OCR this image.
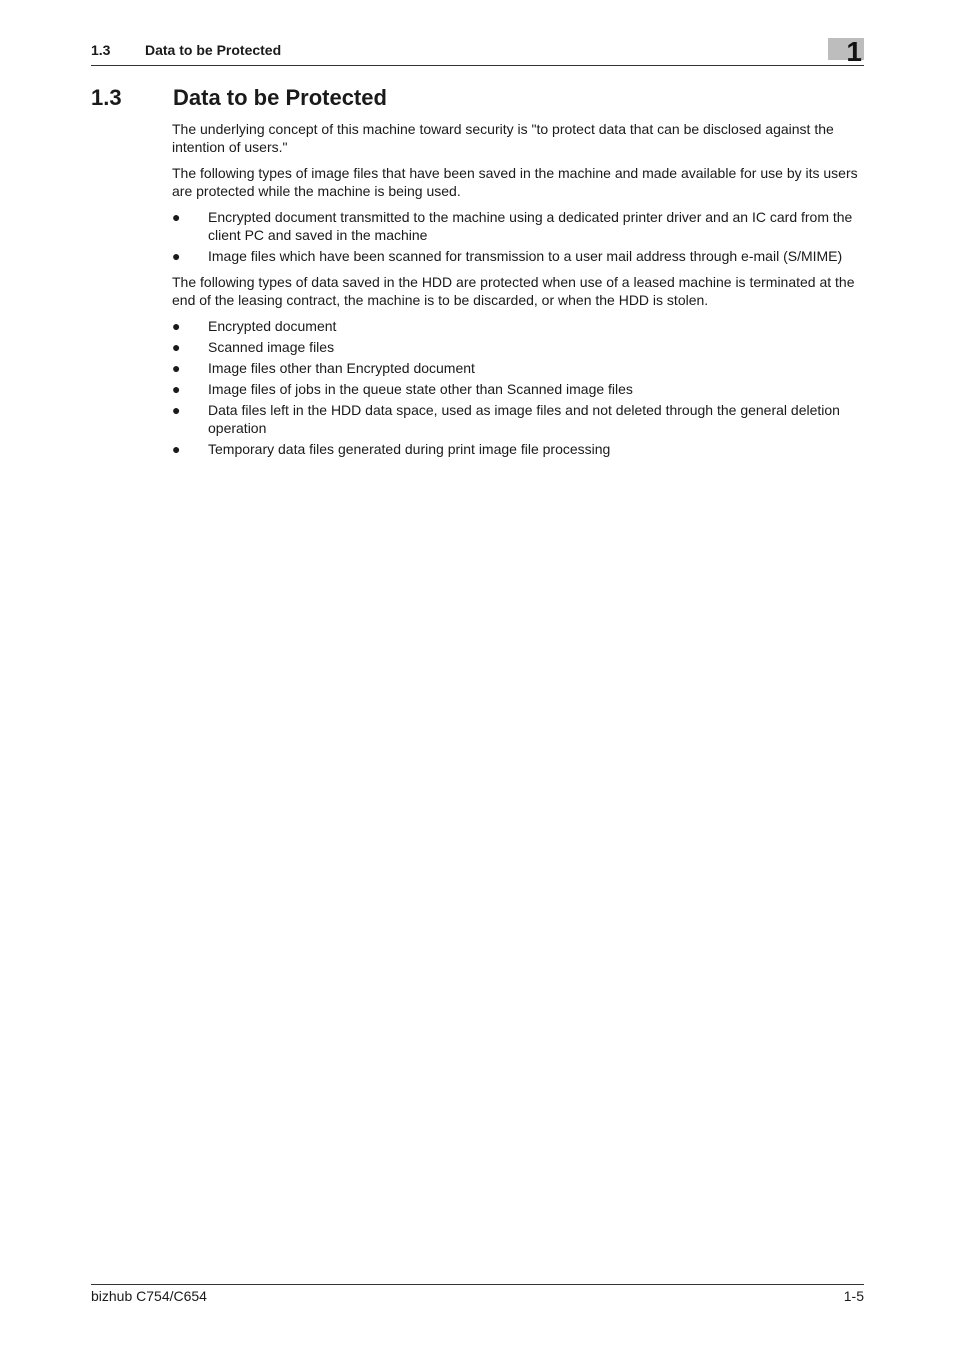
1.3 Data to be Protected	1
1.3 Data to be Protected

The underlying concept of this machine toward security is "to protect data that can be disclosed against the intention of users."

The following types of image files that have been saved in the machine and made available for use by its users are protected while the machine is being used.

● Encrypted document transmitted to the machine using a dedicated printer driver and an IC card from the client PC and saved in the machine
● Image files which have been scanned for transmission to a user mail address through e-mail (S/MIME)

The following types of data saved in the HDD are protected when use of a leased machine is terminated at the end of the leasing contract, the machine is to be discarded, or when the HDD is stolen.

● Encrypted document
● Scanned image files
● Image files other than Encrypted document
● Image files of jobs in the queue state other than Scanned image files
● Data files left in the HDD data space, used as image files and not deleted through the general deletion operation
● Temporary data files generated during print image file processing
bizhub C754/C654	1-5
